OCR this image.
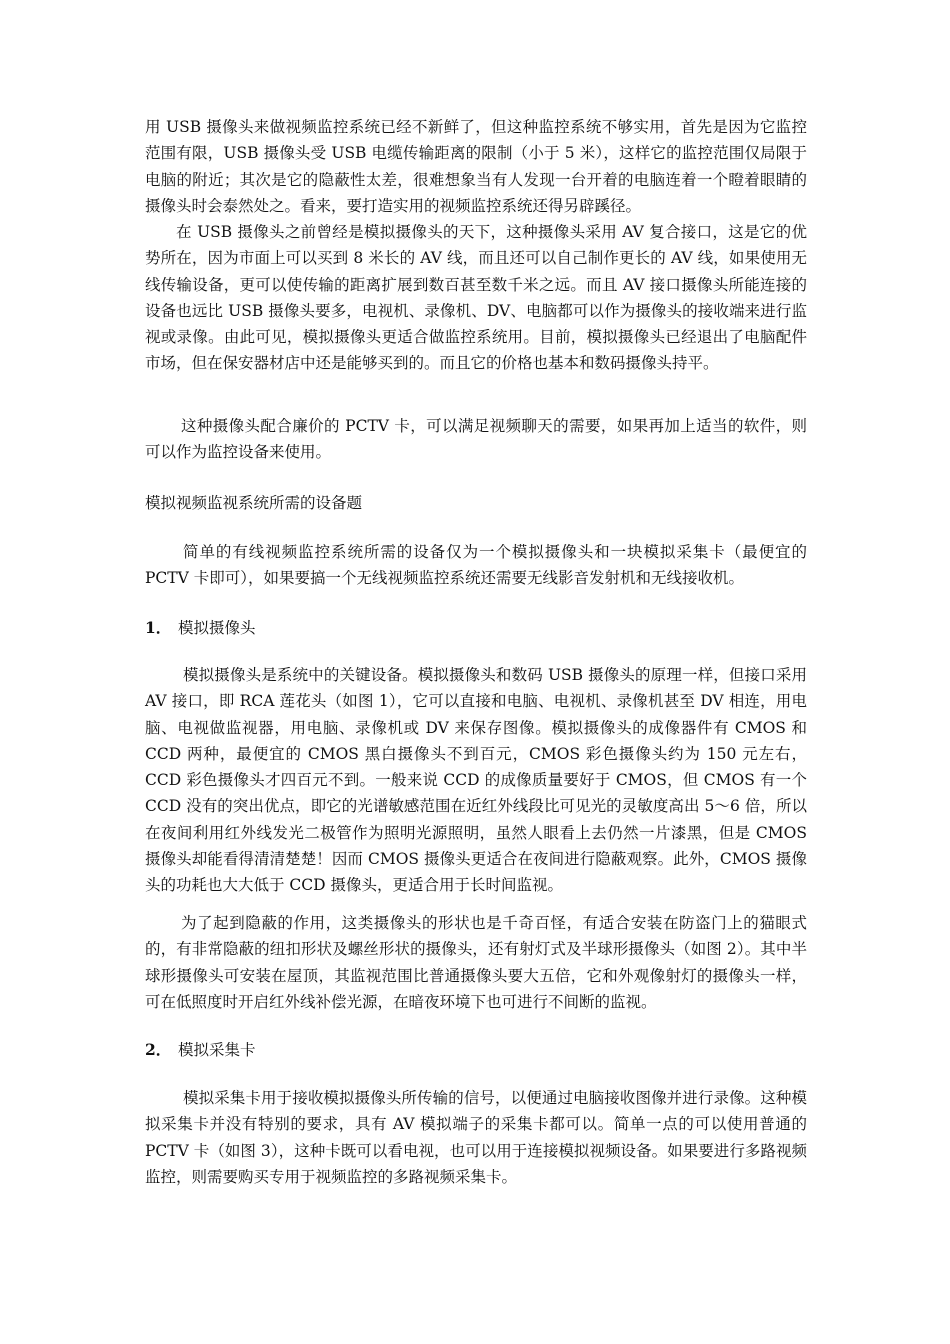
用 USB 摄像头来做视频监控系统已经不新鲜了，但这种监控系统不够实用，首先是因为它监控范围有限，USB 摄像头受 USB 电缆传输距离的限制（小于 5 米），这样它的监控范围仅局限于电脑的附近；其次是它的隐蔽性太差，很难想象当有人发现一台开着的电脑连着一个瞪着眼睛的摄像头时会泰然处之。看来，要打造实用的视频监控系统还得另辟蹊径。

在 USB 摄像头之前曾经是模拟摄像头的天下，这种摄像头采用 AV 复合接口，这是它的优势所在，因为市面上可以买到 8 米长的 AV 线，而且还可以自己制作更长的 AV 线，如果使用无线传输设备，更可以使传输的距离扩展到数百甚至数千米之远。而且 AV 接口摄像头所能连接的设备也远比 USB 摄像头要多，电视机、录像机、DV、电脑都可以作为摄像头的接收端来进行监视或录像。由此可见，模拟摄像头更适合做监控系统用。目前，模拟摄像头已经退出了电脑配件市场，但在保安器材店中还是能够买到的。而且它的价格也基本和数码摄像头持平。

这种摄像头配合廉价的 PCTV 卡，可以满足视频聊天的需要，如果再加上适当的软件，则可以作为监控设备来使用。

模拟视频监视系统所需的设备题

简单的有线视频监控系统所需的设备仅为一个模拟摄像头和一块模拟采集卡（最便宜的 PCTV 卡即可），如果要搞一个无线视频监控系统还需要无线影音发射机和无线接收机。

1． 模拟摄像头

模拟摄像头是系统中的关键设备。模拟摄像头和数码 USB 摄像头的原理一样，但接口采用 AV 接口，即 RCA 莲花头（如图 1），它可以直接和电脑、电视机、录像机甚至 DV 相连，用电脑、电视做监视器，用电脑、录像机或 DV 来保存图像。模拟摄像头的成像器件有 CMOS 和 CCD 两种，最便宜的 CMOS 黑白摄像头不到百元，CMOS 彩色摄像头约为 150 元左右，CCD 彩色摄像头才四百元不到。一般来说 CCD 的成像质量要好于 CMOS，但 CMOS 有一个 CCD 没有的突出优点，即它的光谱敏感范围在近红外线段比可见光的灵敏度高出 5～6 倍，所以在夜间利用红外线发光二极管作为照明光源照明，虽然人眼看上去仍然一片漆黑，但是 CMOS 摄像头却能看得清清楚楚！因而 CMOS 摄像头更适合在夜间进行隐蔽观察。此外，CMOS 摄像头的功耗也大大低于 CCD 摄像头，更适合用于长时间监视。

为了起到隐蔽的作用，这类摄像头的形状也是千奇百怪，有适合安装在防盗门上的猫眼式的，有非常隐蔽的纽扣形状及螺丝形状的摄像头，还有射灯式及半球形摄像头（如图 2）。其中半球形摄像头可安装在屋顶，其监视范围比普通摄像头要大五倍，它和外观像射灯的摄像头一样，可在低照度时开启红外线补偿光源，在暗夜环境下也可进行不间断的监视。

2． 模拟采集卡

模拟采集卡用于接收模拟摄像头所传输的信号，以便通过电脑接收图像并进行录像。这种模拟采集卡并没有特别的要求，具有 AV 模拟端子的采集卡都可以。简单一点的可以使用普通的 PCTV 卡（如图 3），这种卡既可以看电视，也可以用于连接模拟视频设备。如果要进行多路视频监控，则需要购买专用于视频监控的多路视频采集卡。
